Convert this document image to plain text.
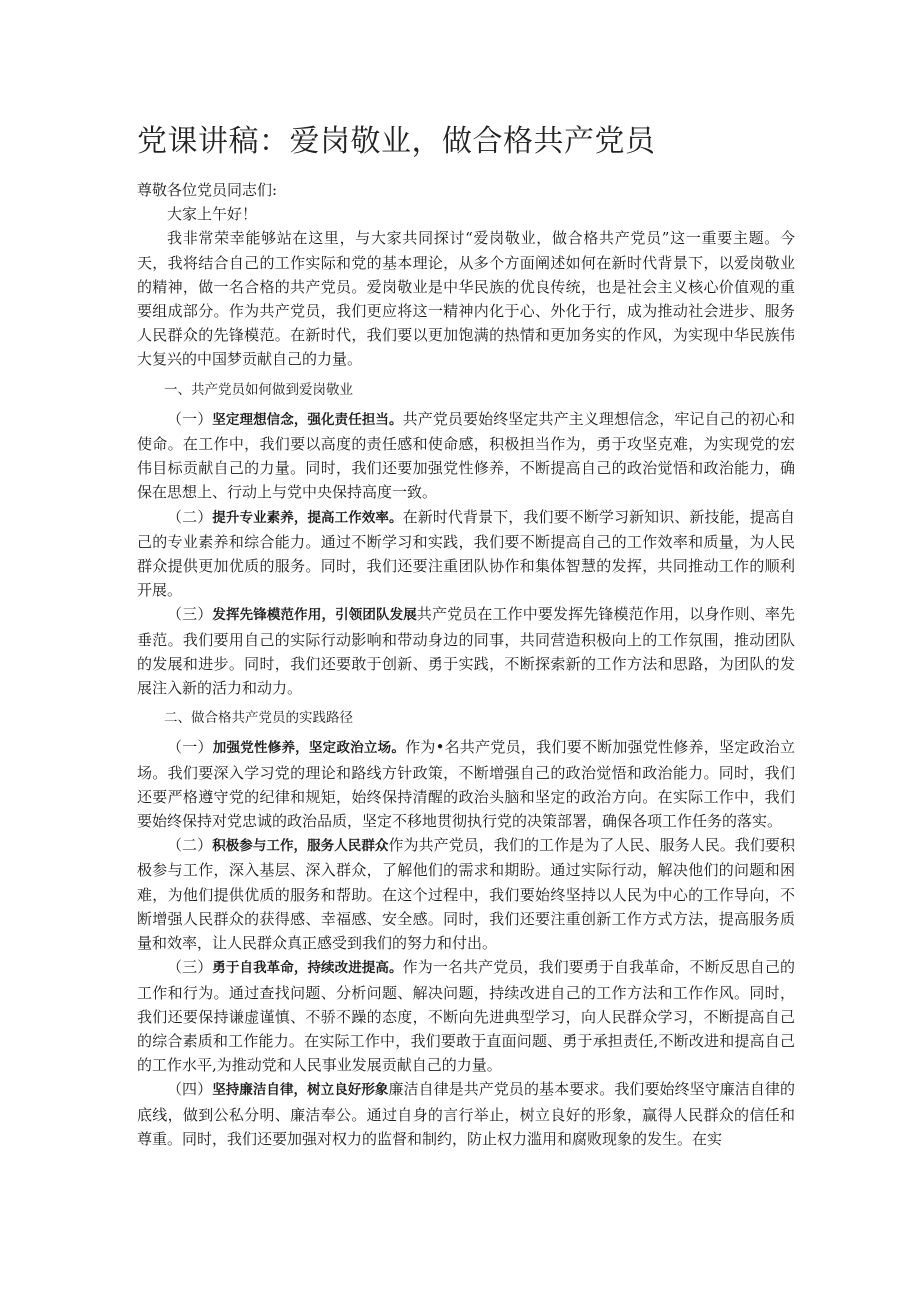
党课讲稿：爱岗敬业，做合格共产党员

尊敬各位党员同志们:

大家上午好！

我非常荣幸能够站在这里，与大家共同探讨“爱岗敬业，做合格共产党员”这一重要主题。今天，我将结合自己的工作实际和党的基本理论，从多个方面阐述如何在新时代背景下，以爱岗敬业的精神，做一名合格的共产党员。爱岗敬业是中华民族的优良传统，也是社会主义核心价值观的重要组成部分。作为共产党员，我们更应将这一精神内化于心、外化于行，成为推动社会进步、服务人民群众的先锋模范。在新时代，我们要以更加饱满的热情和更加务实的作风，为实现中华民族伟大复兴的中国梦贡献自己的力量。

一、共产党员如何做到爱岗敬业

（一）坚定理想信念，强化责任担当。共产党员要始终坚定共产主义理想信念，牢记自己的初心和使命。在工作中，我们要以高度的责任感和使命感，积极担当作为，勇于攻坚克难，为实现党的宏伟目标贡献自己的力量。同时，我们还要加强党性修养，不断提高自己的政治觉悟和政治能力，确保在思想上、行动上与党中央保持高度一致。

（二）提升专业素养，提高工作效率。在新时代背景下，我们要不断学习新知识、新技能，提高自己的专业素养和综合能力。通过不断学习和实践，我们要不断提高自己的工作效率和质量，为人民群众提供更加优质的服务。同时，我们还要注重团队协作和集体智慧的发挥，共同推动工作的顺利开展。

（三）发挥先锋模范作用，引领团队发展共产党员在工作中要发挥先锋模范作用，以身作则、率先垂范。我们要用自己的实际行动影响和带动身边的同事，共同营造积极向上的工作氛围，推动团队的发展和进步。同时，我们还要敢于创新、勇于实践，不断探索新的工作方法和思路，为团队的发展注入新的活力和动力。

二、做合格共产党员的实践路径

（一）加强党性修养，坚定政治立场。作为•名共产党员，我们要不断加强党性修养，坚定政治立场。我们要深入学习党的理论和路线方针政策，不断增强自己的政治觉悟和政治能力。同时，我们还要严格遵守党的纪律和规矩，始终保持清醒的政治头脑和坚定的政治方向。在实际工作中，我们要始终保持对党忠诚的政治品质，坚定不移地贯彻执行党的决策部署，确保各项工作任务的落实。

（二）积极参与工作，服务人民群众作为共产党员，我们的工作是为了人民、服务人民。我们要积极参与工作，深入基层、深入群众，了解他们的需求和期盼。通过实际行动，解决他们的问题和困难，为他们提供优质的服务和帮助。在这个过程中，我们要始终坚持以人民为中心的工作导向，不断增强人民群众的获得感、幸福感、安全感。同时，我们还要注重创新工作方式方法，提高服务质量和效率，让人民群众真正感受到我们的努力和付出。

（三）勇于自我革命，持续改进提高。作为一名共产党员，我们要勇于自我革命，不断反思自己的工作和行为。通过查找问题、分析问题、解决问题，持续改进自己的工作方法和工作作风。同时，我们还要保持谦虚谨慎、不骄不躁的态度，不断向先进典型学习，向人民群众学习，不断提高自己的综合素质和工作能力。在实际工作中，我们要敢于直面问题、勇于承担责任,不断改进和提高自己的工作水平,为推动党和人民事业发展贡献自己的力量。

（四）坚持廉洁自律，树立良好形象廉洁自律是共产党员的基本要求。我们要始终坚守廉洁自律的底线，做到公私分明、廉洁奉公。通过自身的言行举止，树立良好的形象，赢得人民群众的信任和尊重。同时，我们还要加强对权力的监督和制约，防止权力滥用和腐败现象的发生。在实
